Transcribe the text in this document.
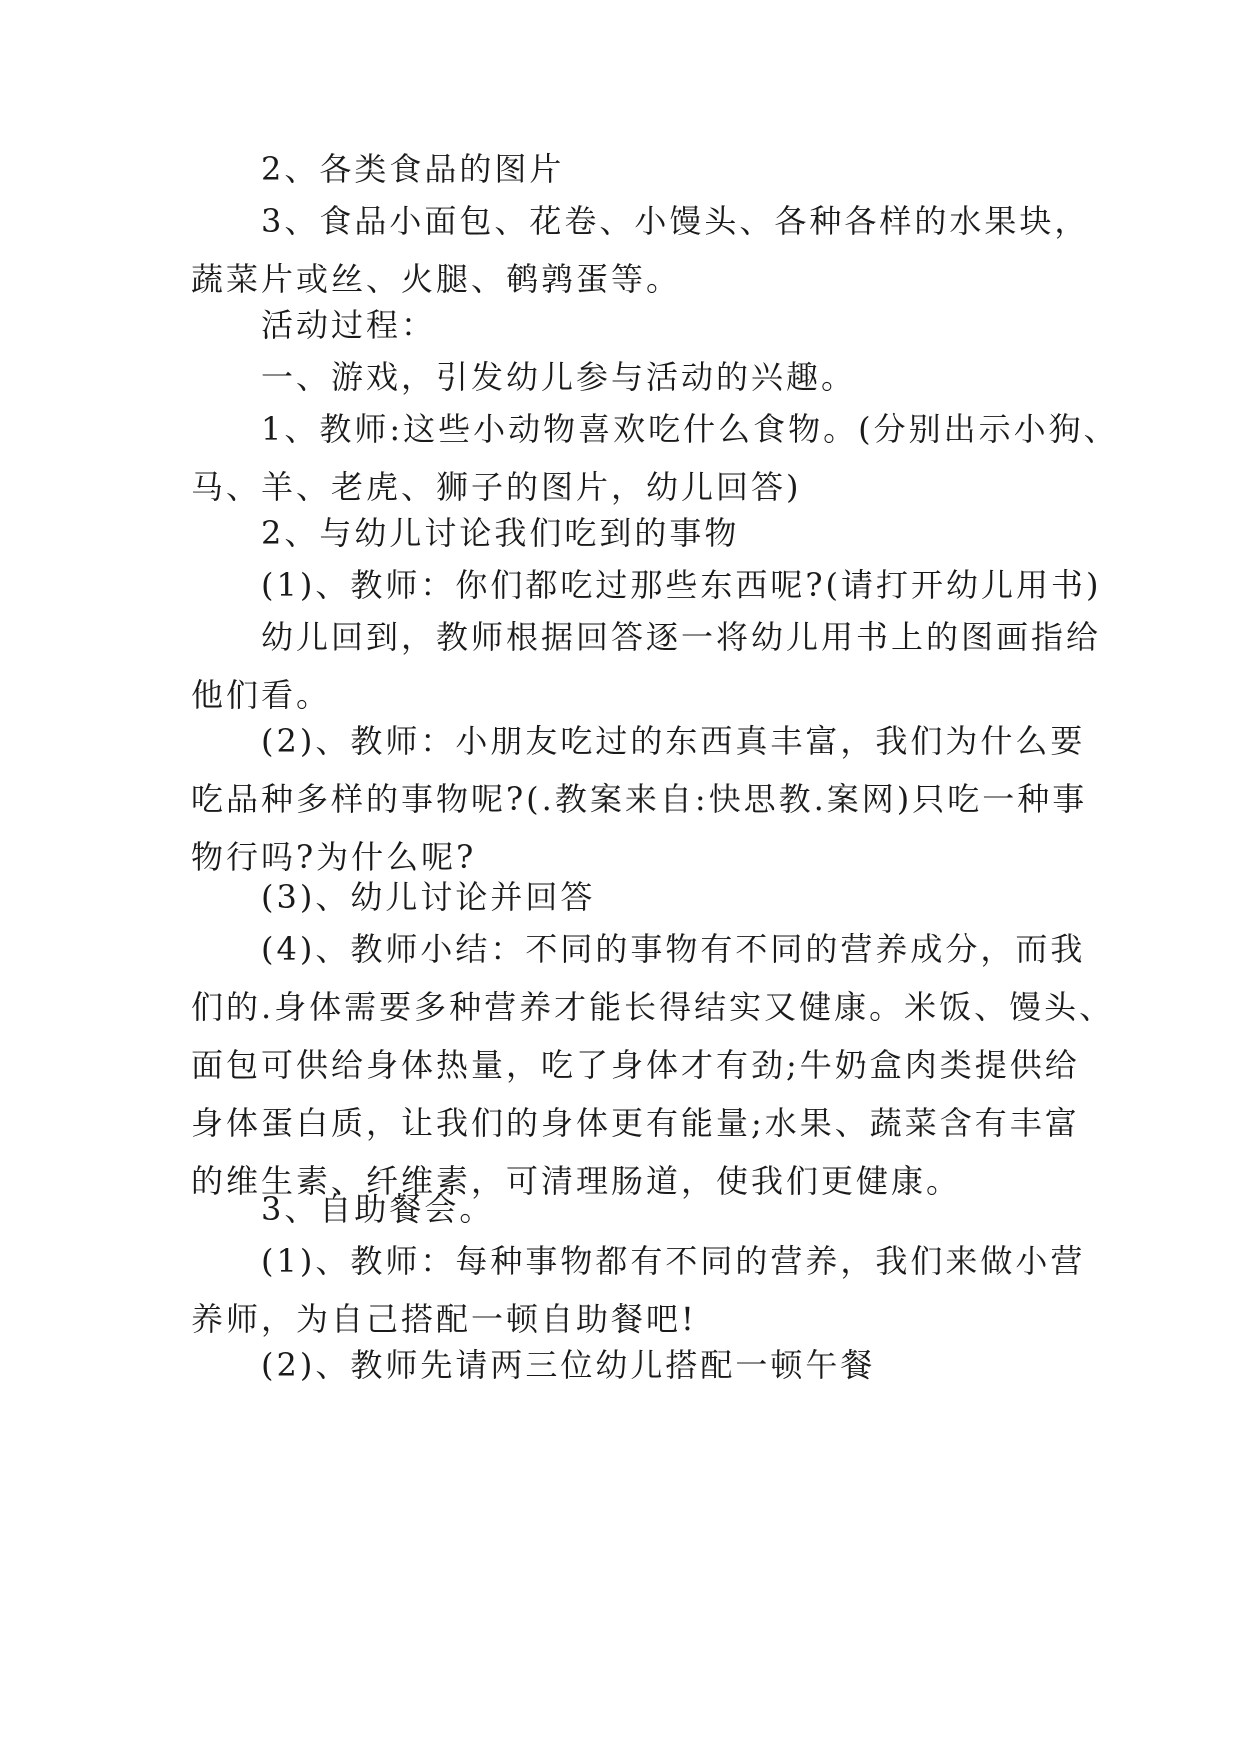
　　2、各类食品的图片
　　3、食品小面包、花卷、小馒头、各种各样的水果块，
蔬菜片或丝、火腿、鹌鹑蛋等。
　　活动过程：
　　一、游戏，引发幼儿参与活动的兴趣。
　　1、教师:这些小动物喜欢吃什么食物。(分别出示小狗、
马、羊、老虎、狮子的图片，幼儿回答)
　　2、与幼儿讨论我们吃到的事物
　　(1)、教师：你们都吃过那些东西呢?(请打开幼儿用书)
　　幼儿回到，教师根据回答逐一将幼儿用书上的图画指给
他们看。
　　(2)、教师：小朋友吃过的东西真丰富，我们为什么要
吃品种多样的事物呢?(.教案来自:快思教.案网)只吃一种事
物行吗?为什么呢?
　　(3)、幼儿讨论并回答
　　(4)、教师小结：不同的事物有不同的营养成分，而我
们的.身体需要多种营养才能长得结实又健康。米饭、馒头、
面包可供给身体热量，吃了身体才有劲;牛奶盒肉类提供给
身体蛋白质，让我们的身体更有能量;水果、蔬菜含有丰富
的维生素、纤维素，可清理肠道，使我们更健康。
　　3、自助餐会。
　　(1)、教师：每种事物都有不同的营养，我们来做小营
养师，为自己搭配一顿自助餐吧!
　　(2)、教师先请两三位幼儿搭配一顿午餐
